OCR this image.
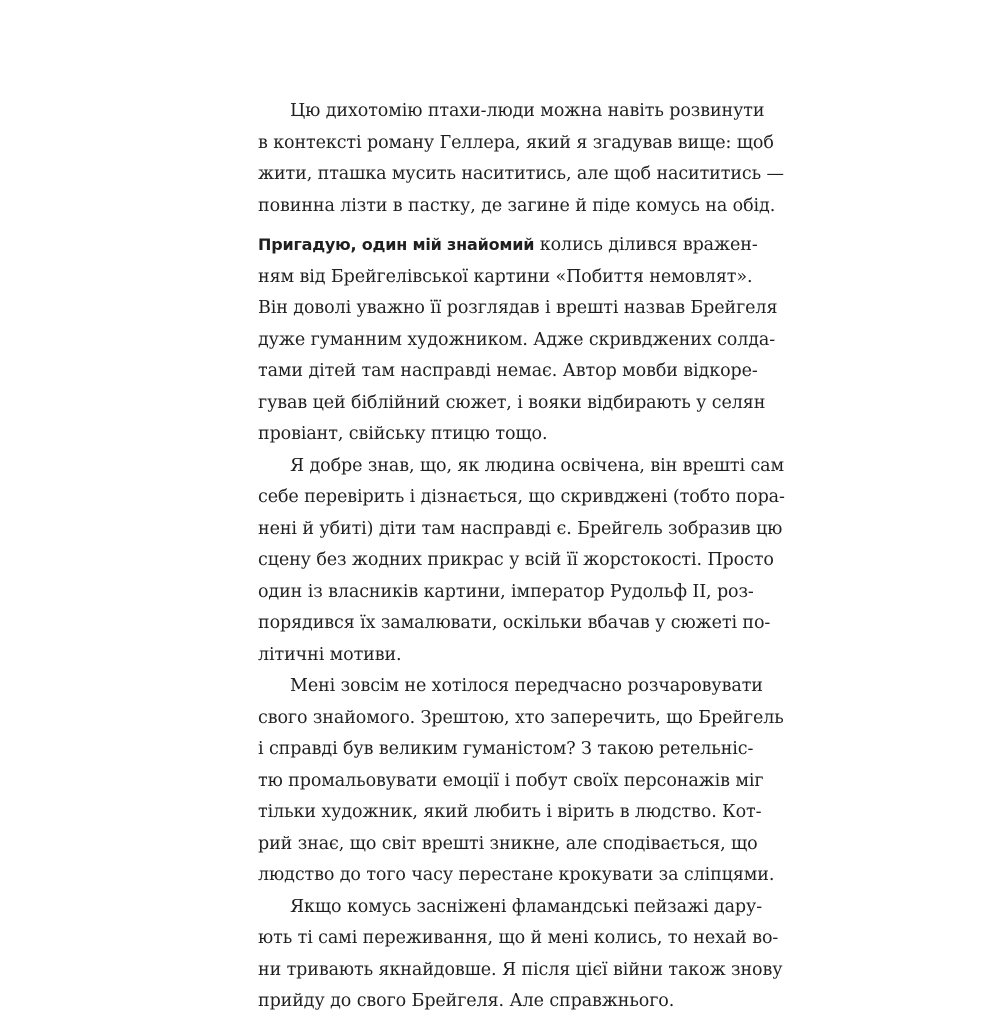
Цю дихотомію птахи-люди можна навіть розвинути
в контексті роману Геллера, який я згадував вище: щоб
жити, пташка мусить насититись, але щоб насититись —
повинна лізти в пастку, де загине й піде комусь на обід.
Пригадую, один мій знайомий колись ділився вражен-
ням від Брейгелівської картини «Побиття немовлят».
Він доволі уважно її розглядав і врешті назвав Брейгеля
дуже гуманним художником. Адже скривджених солда-
тами дітей там насправді немає. Автор мовби відкоре-
гував цей біблійний сюжет, і вояки відбирають у селян
провіант, свійську птицю тощо.
Я добре знав, що, як людина освічена, він врешті сам
себе перевірить і дізнається, що скривджені (тобто пора-
нені й убиті) діти там насправді є. Брейгель зобразив цю
сцену без жодних прикрас у всій її жорстокості. Просто
один із власників картини, імператор Рудольф II, роз-
порядився їх замалювати, оскільки вбачав у сюжеті по-
літичні мотиви.
Мені зовсім не хотілося передчасно розчаровувати
свого знайомого. Зрештою, хто заперечить, що Брейгель
і справді був великим гуманістом? З такою ретельніс-
тю промальовувати емоції і побут своїх персонажів міг
тільки художник, який любить і вірить в людство. Кот-
рий знає, що світ врешті зникне, але сподівається, що
людство до того часу перестане крокувати за сліпцями.
Якщо комусь засніжені фламандські пейзажі дару-
ють ті самі переживання, що й мені колись, то нехай во-
ни тривають якнайдовше. Я після цієї війни також знову
прийду до свого Брейгеля. Але справжнього.
